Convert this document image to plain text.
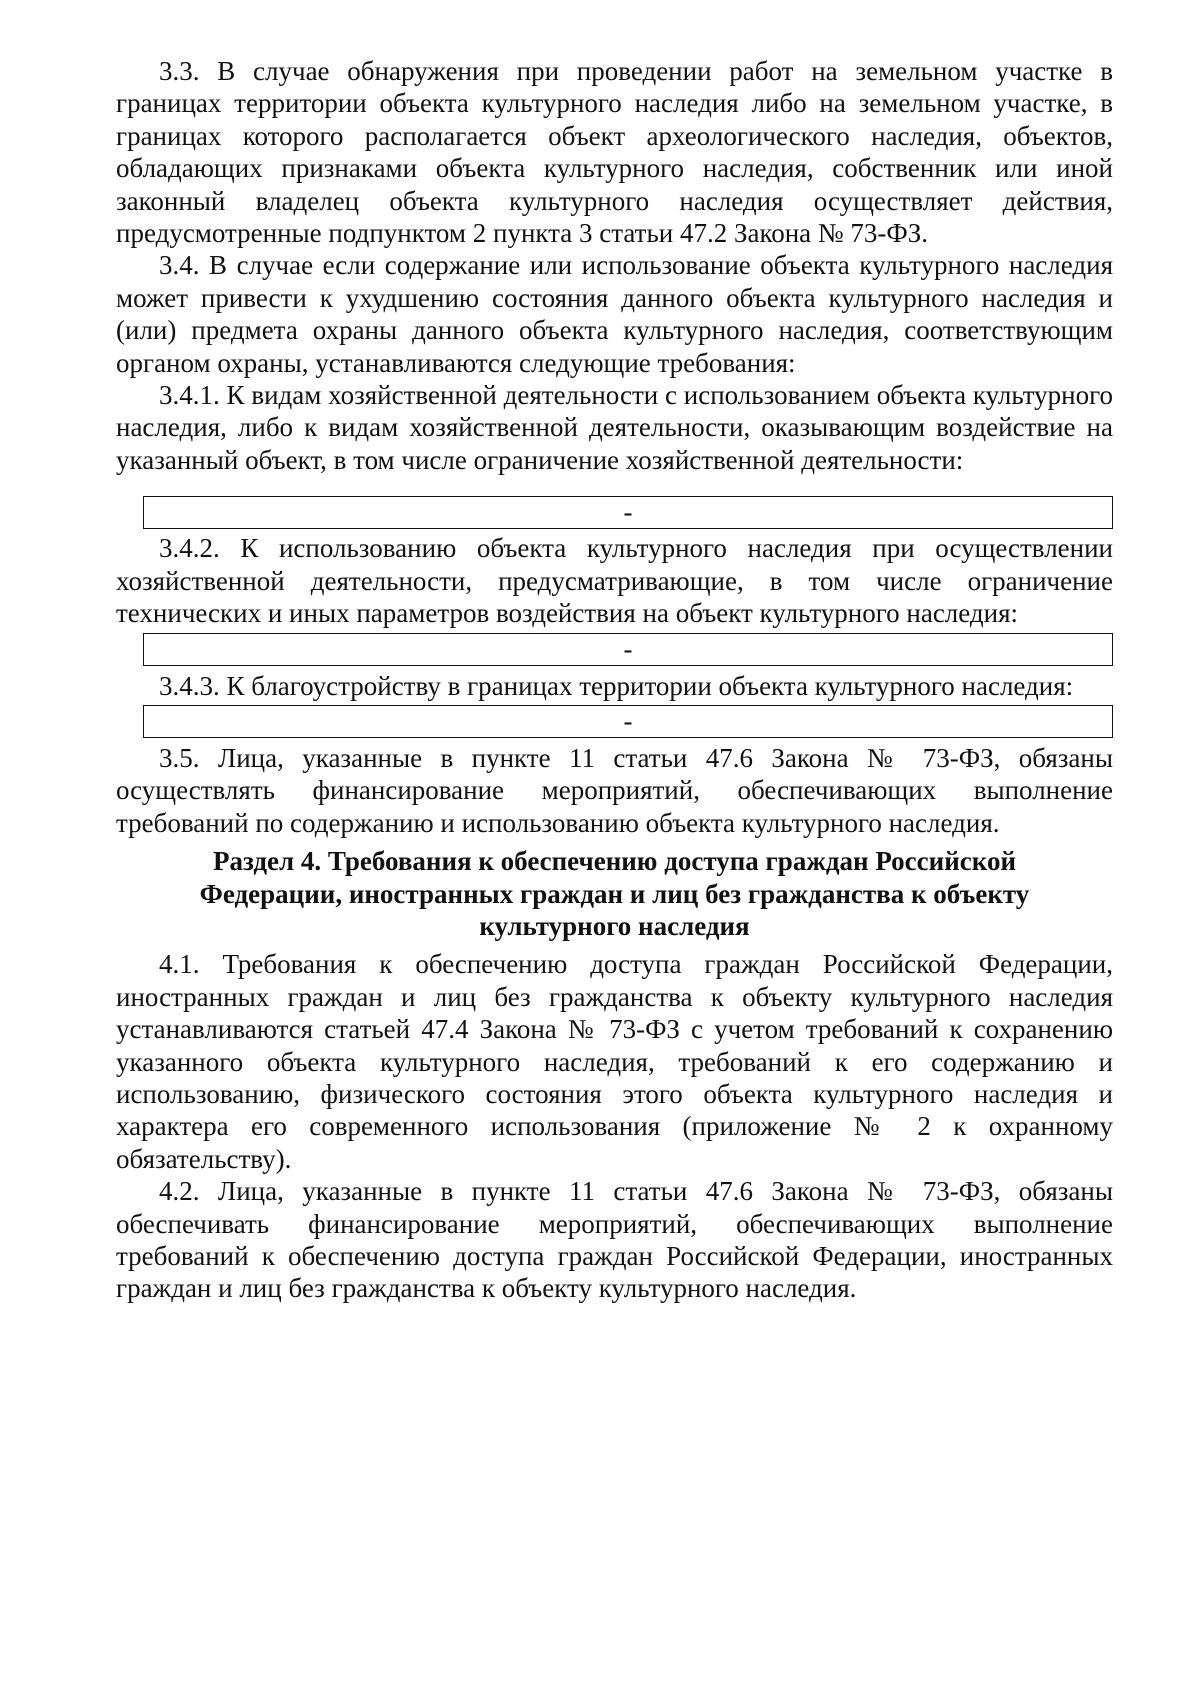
3.3. В случае обнаружения при проведении работ на земельном участке в границах территории объекта культурного наследия либо на земельном участке, в границах которого располагается объект археологического наследия, объектов, обладающих признаками объекта культурного наследия, собственник или иной законный владелец объекта культурного наследия осуществляет действия, предусмотренные подпунктом 2 пункта 3 статьи 47.2 Закона № 73-ФЗ.

3.4. В случае если содержание или использование объекта культурного наследия может привести к ухудшению состояния данного объекта культурного наследия и (или) предмета охраны данного объекта культурного наследия, соответствующим органом охраны, устанавливаются следующие требования:

3.4.1. К видам хозяйственной деятельности с использованием объекта культурного наследия, либо к видам хозяйственной деятельности, оказывающим воздействие на указанный объект, в том числе ограничение хозяйственной деятельности:

-

3.4.2. К использованию объекта культурного наследия при осуществлении хозяйственной деятельности, предусматривающие, в том числе ограничение технических и иных параметров воздействия на объект культурного наследия:

-

3.4.3. К благоустройству в границах территории объекта культурного наследия:

-

3.5. Лица, указанные в пункте 11 статьи 47.6 Закона № 73-ФЗ, обязаны осуществлять финансирование мероприятий, обеспечивающих выполнение требований по содержанию и использованию объекта культурного наследия.

Раздел 4. Требования к обеспечению доступа граждан Российской Федерации, иностранных граждан и лиц без гражданства к объекту культурного наследия

4.1. Требования к обеспечению доступа граждан Российской Федерации, иностранных граждан и лиц без гражданства к объекту культурного наследия устанавливаются статьей 47.4 Закона № 73-ФЗ с учетом требований к сохранению указанного объекта культурного наследия, требований к его содержанию и использованию, физического состояния этого объекта культурного наследия и характера его современного использования (приложение № 2 к охранному обязательству).

4.2. Лица, указанные в пункте 11 статьи 47.6 Закона № 73-ФЗ, обязаны обеспечивать финансирование мероприятий, обеспечивающих выполнение требований к обеспечению доступа граждан Российской Федерации, иностранных граждан и лиц без гражданства к объекту культурного наследия.
